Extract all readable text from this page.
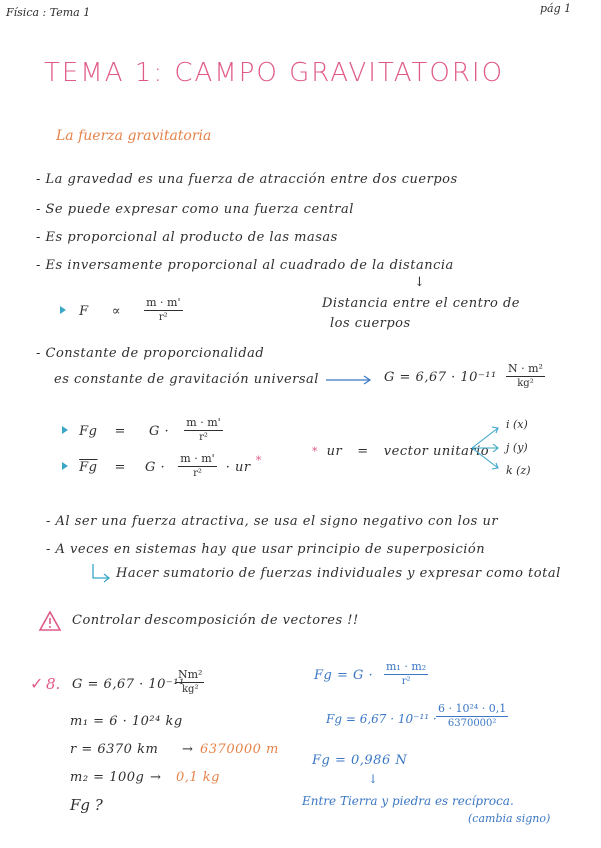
Física : Tema 1	pág 1
TEMA 1: CAMPO GRAVITATORIO
La fuerza gravitatoria
- La gravedad es una fuerza de atracción entre dos cuerpos
- Se puede expresar como una fuerza central
- Es proporcional al producto de las masas
- Es inversamente proporcional al cuadrado de la distancia
↓
$F \propto \frac{m \cdot m'}{\text{r²}}$	Distancia entre el centro de
los cuerpos
- Constante de proporcionalidad
es constante de gravitación universal	$G = 6,67 \cdot 10^{-11} \frac{\text{N · m²}}{\text{kg²}}$
$Fg = G \cdot \frac{m \cdot m'}{\text{r²}}$
$\overline{Fg} = G \cdot \frac{m \cdot m'}{\text{r²}}$ · ur *
* ur = vector unitario
i (x)
j (y)
k (z)
- Al ser una fuerza atractiva, se usa el signo negativo con los ur
- A veces en sistemas hay que usar principio de superposición
Hacer sumatorio de fuerzas individuales y expresar como total
Controlar descomposición de vectores !!
✓ 8. G = 6,67 · 10⁻¹¹
$\frac{\text{Nm²}}{\text{kg²}}$
m₁ = 6 · 10²⁴ kg
r = 6370 km → 6370000 m
m₂ = 100g → 0,1 kg
Fg ?
$Fg = G \cdot \frac{\text{m₁ · m₂}}{\text{r²}}$
$Fg = 6,67 \cdot 10^{-11} \cdot \frac{\text{6 · 10²⁴ · 0,1}}{\text{6370000²}}$
Fg = 0,986 N
↓
Entre Tierra y piedra es recíproca.
(cambia signo)
